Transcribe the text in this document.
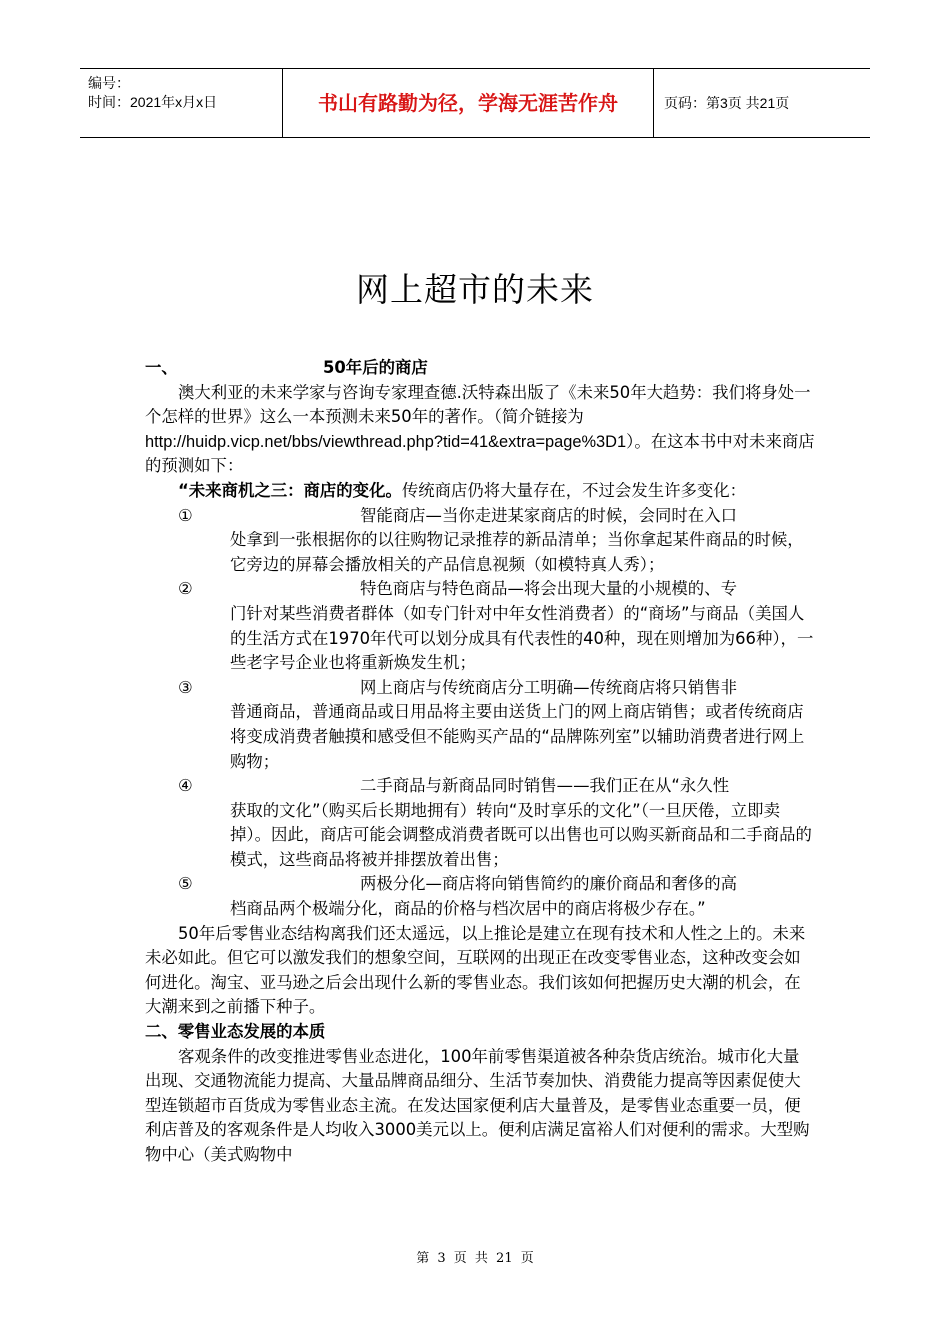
编号：
时间：2021年x月x日	书山有路勤为径，学海无涯苦作舟	页码：第3页 共21页
网上超市的未来
一、	50年后的商店

澳大利亚的未来学家与咨询专家理查德.沃特森出版了《未来50年大趋势：我们将身处一个怎样的世界》这么一本预测未来50年的著作。（简介链接为http://huidp.vicp.net/bbs/viewthread.php?tid=41&extra=page%3D1）。在这本书中对未来商店的预测如下：

“未来商机之三：商店的变化。传统商店仍将大量存在，不过会发生许多变化：

①	智能商店—当你走进某家商店的时候，会同时在入口
处拿到一张根据你的以往购物记录推荐的新品清单；当你拿起某件商品的时候，它旁边的屏幕会播放相关的产品信息视频（如模特真人秀）；
②	特色商店与特色商品—将会出现大量的小规模的、专
门针对某些消费者群体（如专门针对中年女性消费者）的“商场”与商品（美国人的生活方式在1970年代可以划分成具有代表性的40种，现在则增加为66种），一些老字号企业也将重新焕发生机；
③	网上商店与传统商店分工明确—传统商店将只销售非
普通商品，普通商品或日用品将主要由送货上门的网上商店销售；或者传统商店将变成消费者触摸和感受但不能购买产品的“品牌陈列室”以辅助消费者进行网上购物；
④	二手商品与新商品同时销售——我们正在从“永久性
获取的文化”（购买后长期地拥有）转向“及时享乐的文化”（一旦厌倦，立即卖掉）。因此，商店可能会调整成消费者既可以出售也可以购买新商品和二手商品的模式，这些商品将被并排摆放着出售；
⑤	两极分化—商店将向销售简约的廉价商品和奢侈的高
档商品两个极端分化，商品的价格与档次居中的商店将极少存在。”

50年后零售业态结构离我们还太遥远，以上推论是建立在现有技术和人性之上的。未来未必如此。但它可以激发我们的想象空间，互联网的出现正在改变零售业态，这种改变会如何进化。淘宝、亚马逊之后会出现什么新的零售业态。我们该如何把握历史大潮的机会，在大潮来到之前播下种子。

二、零售业态发展的本质

客观条件的改变推进零售业态进化，100年前零售渠道被各种杂货店统治。城市化大量出现、交通物流能力提高、大量品牌商品细分、生活节奏加快、消费能力提高等因素促使大型连锁超市百货成为零售业态主流。在发达国家便利店大量普及，是零售业态重要一员，便利店普及的客观条件是人均收入3000美元以上。便利店满足富裕人们对便利的需求。大型购物中心（美式购物中

第 3 页 共 21 页
